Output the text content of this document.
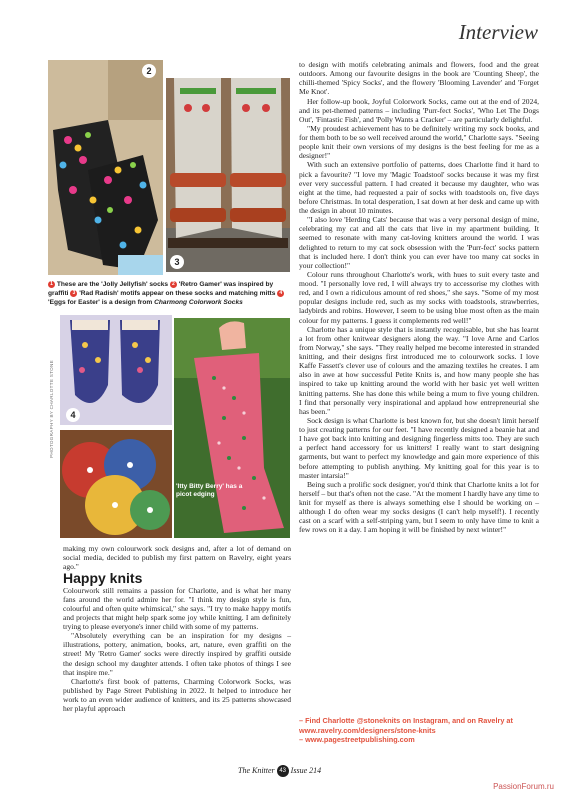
Interview
2
3
1 These are the 'Jolly Jellyfish' socks 2 'Retro Gamer' was inspired by graffiti 3 'Rad Radish' motifs appear on these socks and matching mitts 4 'Eggs for Easter' is a design from Charmong Colorwork Socks
PHOTOGRAPHY BY CHARLOTTE STONE	4
'Itty Bitty Berry' has a picot edging

making my own colourwork sock designs and, after a lot of demand on social media, decided to publish my first pattern on Ravelry, eight years ago."

Happy knits

Colourwork still remains a passion for Charlotte, and is what her many fans around the world admire her for. "I think my design style is fun, colourful and often quite whimsical," she says. "I try to make happy motifs and projects that might help spark some joy while knitting. I am definitely trying to please everyone's inner child with some of my patterns.

"Absolutely everything can be an inspiration for my designs – illustrations, pottery, animation, books, art, nature, even graffiti on the street! My 'Retro Gamer' socks were directly inspired by graffiti outside the design school my daughter attends. I often take photos of things I see that inspire me."

Charlotte's first book of patterns, Charming Colorwork Socks, was published by Page Street Publishing in 2022. It helped to introduce her work to an even wider audience of knitters, and its 25 patterns showcased her playful approach

to design with motifs celebrating animals and flowers, food and the great outdoors. Among our favourite designs in the book are 'Counting Sheep', the chilli-themed 'Spicy Socks', and the flowery 'Blooming Lavender' and 'Forget Me Knot'.

Her follow-up book, Joyful Colorwork Socks, came out at the end of 2024, and its pet-themed patterns – including 'Purr-fect Socks', 'Who Let The Dogs Out', 'Fintastic Fish', and 'Polly Wants a Cracker' – are particularly delightful.

"My proudest achievement has to be definitely writing my sock books, and for them both to be so well received around the world," Charlotte says. "Seeing people knit their own versions of my designs is the best feeling for me as a designer!"

With such an extensive portfolio of patterns, does Charlotte find it hard to pick a favourite? "I love my 'Magic Toadstool' socks because it was my first ever very successful pattern. I had created it because my daughter, who was eight at the time, had requested a pair of socks with toadstools on, five days before Christmas. In total desperation, I sat down at her desk and came up with the design in about 10 minutes.

"I also love 'Herding Cats' because that was a very personal design of mine, celebrating my cat and all the cats that live in my apartment building. It seemed to resonate with many cat-loving knitters around the world. I was delighted to return to my cat sock obsession with the 'Purr-fect' socks pattern that is included here. I don't think you can ever have too many cat socks in your collection!"

Colour runs throughout Charlotte's work, with hues to suit every taste and mood. "I personally love red, I will always try to accessorise my clothes with red, and I own a ridiculous amount of red shoes," she says. "Some of my most popular designs include red, such as my socks with toadstools, strawberries, ladybirds and robins. However, I seem to be using blue most often as the main colour for my patterns. I guess it complements red well!"

Charlotte has a unique style that is instantly recognisable, but she has learnt a lot from other knitwear designers along the way. "I love Arne and Carlos from Norway," she says. "They really helped me become interested in stranded knitting, and their designs first introduced me to colourwork socks. I love Kaffe Fassett's clever use of colours and the amazing textiles he creates. I am also in awe at how successful Petite Knits is, and how many people she has inspired to take up knitting around the world with her basic yet well written knitting patterns. She has done this while being a mum to five young children. I find that personally very inspirational and applaud how entrepreneurial she has been."

Sock design is what Charlotte is best known for, but she doesn't limit herself to just creating patterns for our feet. "I have recently designed a beanie hat and I have got back into knitting and designing fingerless mitts too. They are such a perfect hand accessory for us knitters! I really want to start designing garments, but want to perfect my knowledge and gain more experience of this before attempting to publish anything. My knitting goal for this year is to master intarsia!"

Being such a prolific sock designer, you'd think that Charlotte knits a lot for herself – but that's often not the case. "At the moment I hardly have any time to knit for myself as there is always something else I should be working on – although I do often wear my socks designs (I can't help myself!). I recently cast on a scarf with a self-striping yarn, but I seem to only have time to knit a few rows on it a day. I am hoping it will be finished by next winter!"

– Find Charlotte @stoneknits on Instagram, and on Ravelry at www.ravelry.com/designers/stone-knits
– www.pagestreetpublishing.com
The Knitter 43 Issue 214
PassionForum.ru
